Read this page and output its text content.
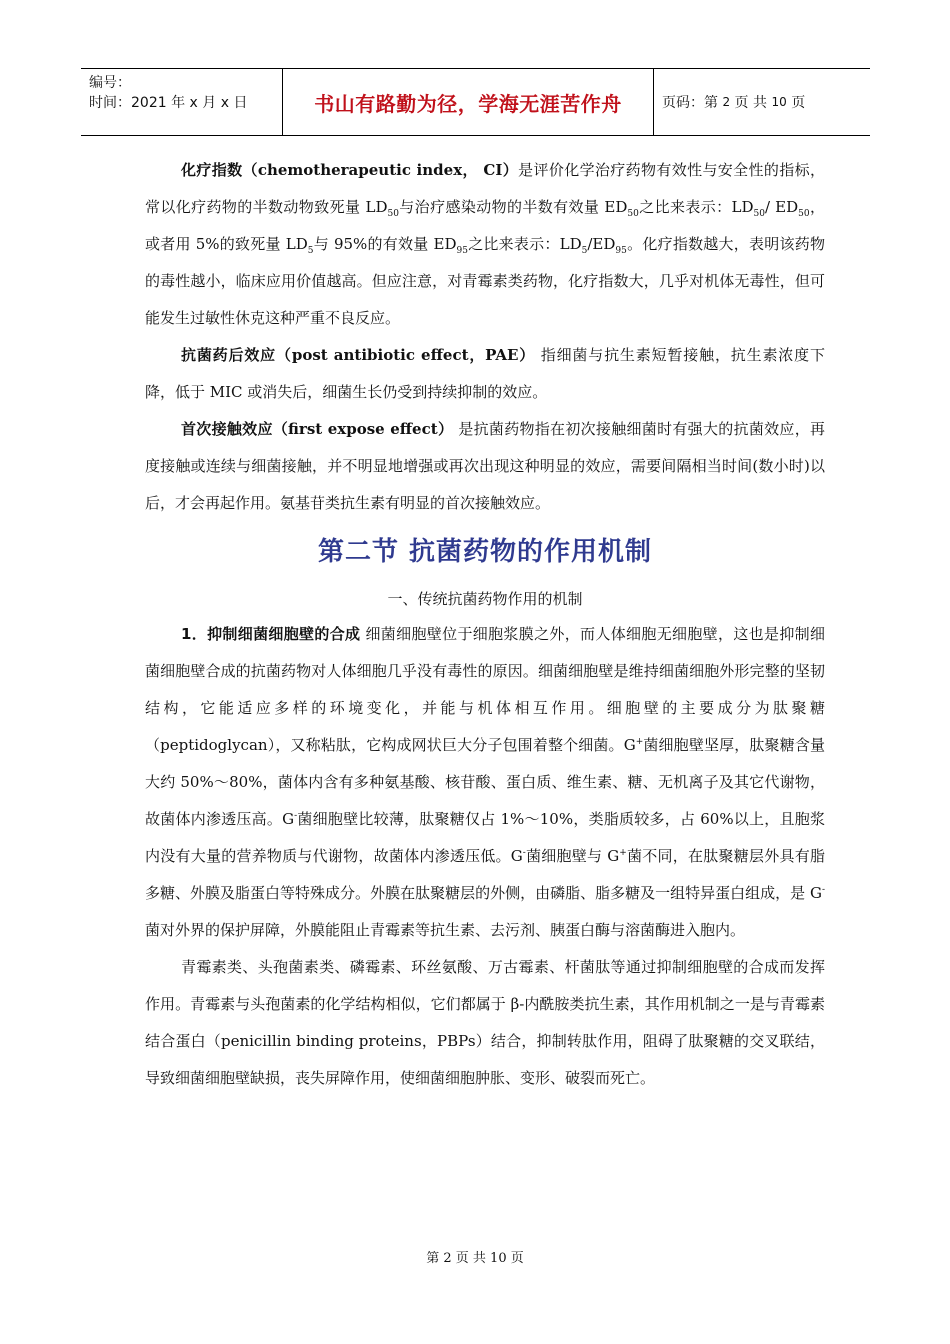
编号：
时间：2021 年 x 月 x 日	书山有路勤为径，学海无涯苦作舟	页码：第
2
页 共
10
页

化疗指数（chemotherapeutic index， CI）是评价化学治疗药物有效性与安全性的指标，常以化疗药物的半数动物致死量 $LD_{50}$与治疗感染动物的半数有效量 $ED_{50}$之比来表示：$LD_{50}/$ $ED_{50}$，或者用 5%的致死量 $LD_5$与 95%的有效量 $ED_{95}$之比来表示：$LD_5/ED_{95}$。化疗指数越大，表明该药物的毒性越小，临床应用价值越高。但应注意，对青霉素类药物，化疗指数大，几乎对机体无毒性，但可能发生过敏性休克这种严重不良反应。

抗菌药后效应（post antibiotic effect，PAE） 指细菌与抗生素短暂接触，抗生素浓度下降，低于 MIC 或消失后，细菌生长仍受到持续抑制的效应。

首次接触效应（first expose effect） 是抗菌药物指在初次接触细菌时有强大的抗菌效应，再度接触或连续与细菌接触，并不明显地增强或再次出现这种明显的效应，需要间隔相当时间(数小时)以后，才会再起作用。氨基苷类抗生素有明显的首次接触效应。

第二节 抗菌药物的作用机制

一、传统抗菌药物作用的机制

1．抑制细菌细胞壁的合成 细菌细胞壁位于细胞浆膜之外，而人体细胞无细胞壁，这也是抑制细菌细胞壁合成的抗菌药物对人体细胞几乎没有毒性的原因。细菌细胞壁是维持细菌细胞外形完整的坚韧结构，它能适应多样的环境变化，并能与机体相互作用。细胞壁的主要成分为肽聚糖（peptidoglycan），又称粘肽，它构成网状巨大分子包围着整个细菌。G+菌细胞壁坚厚，肽聚糖含量大约 50%～80%，菌体内含有多种氨基酸、核苷酸、蛋白质、维生素、糖、无机离子及其它代谢物，故菌体内渗透压高。G-菌细胞壁比较薄，肽聚糖仅占 1%～10%，类脂质较多，占 60%以上，且胞浆内没有大量的营养物质与代谢物，故菌体内渗透压低。G-菌细胞壁与 G+菌不同，在肽聚糖层外具有脂多糖、外膜及脂蛋白等特殊成分。外膜在肽聚糖层的外侧，由磷脂、脂多糖及一组特异蛋白组成，是 G-菌对外界的保护屏障，外膜能阻止青霉素等抗生素、去污剂、胰蛋白酶与溶菌酶进入胞内。

青霉素类、头孢菌素类、磷霉素、环丝氨酸、万古霉素、杆菌肽等通过抑制细胞壁的合成而发挥作用。青霉素与头孢菌素的化学结构相似，它们都属于 β-内酰胺类抗生素，其作用机制之一是与青霉素结合蛋白（penicillin binding proteins，PBPs）结合，抑制转肽作用，阻碍了肽聚糖的交叉联结，导致细菌细胞壁缺损，丧失屏障作用，使细菌细胞肿胀、变形、破裂而死亡。

第 2 页 共 10 页
